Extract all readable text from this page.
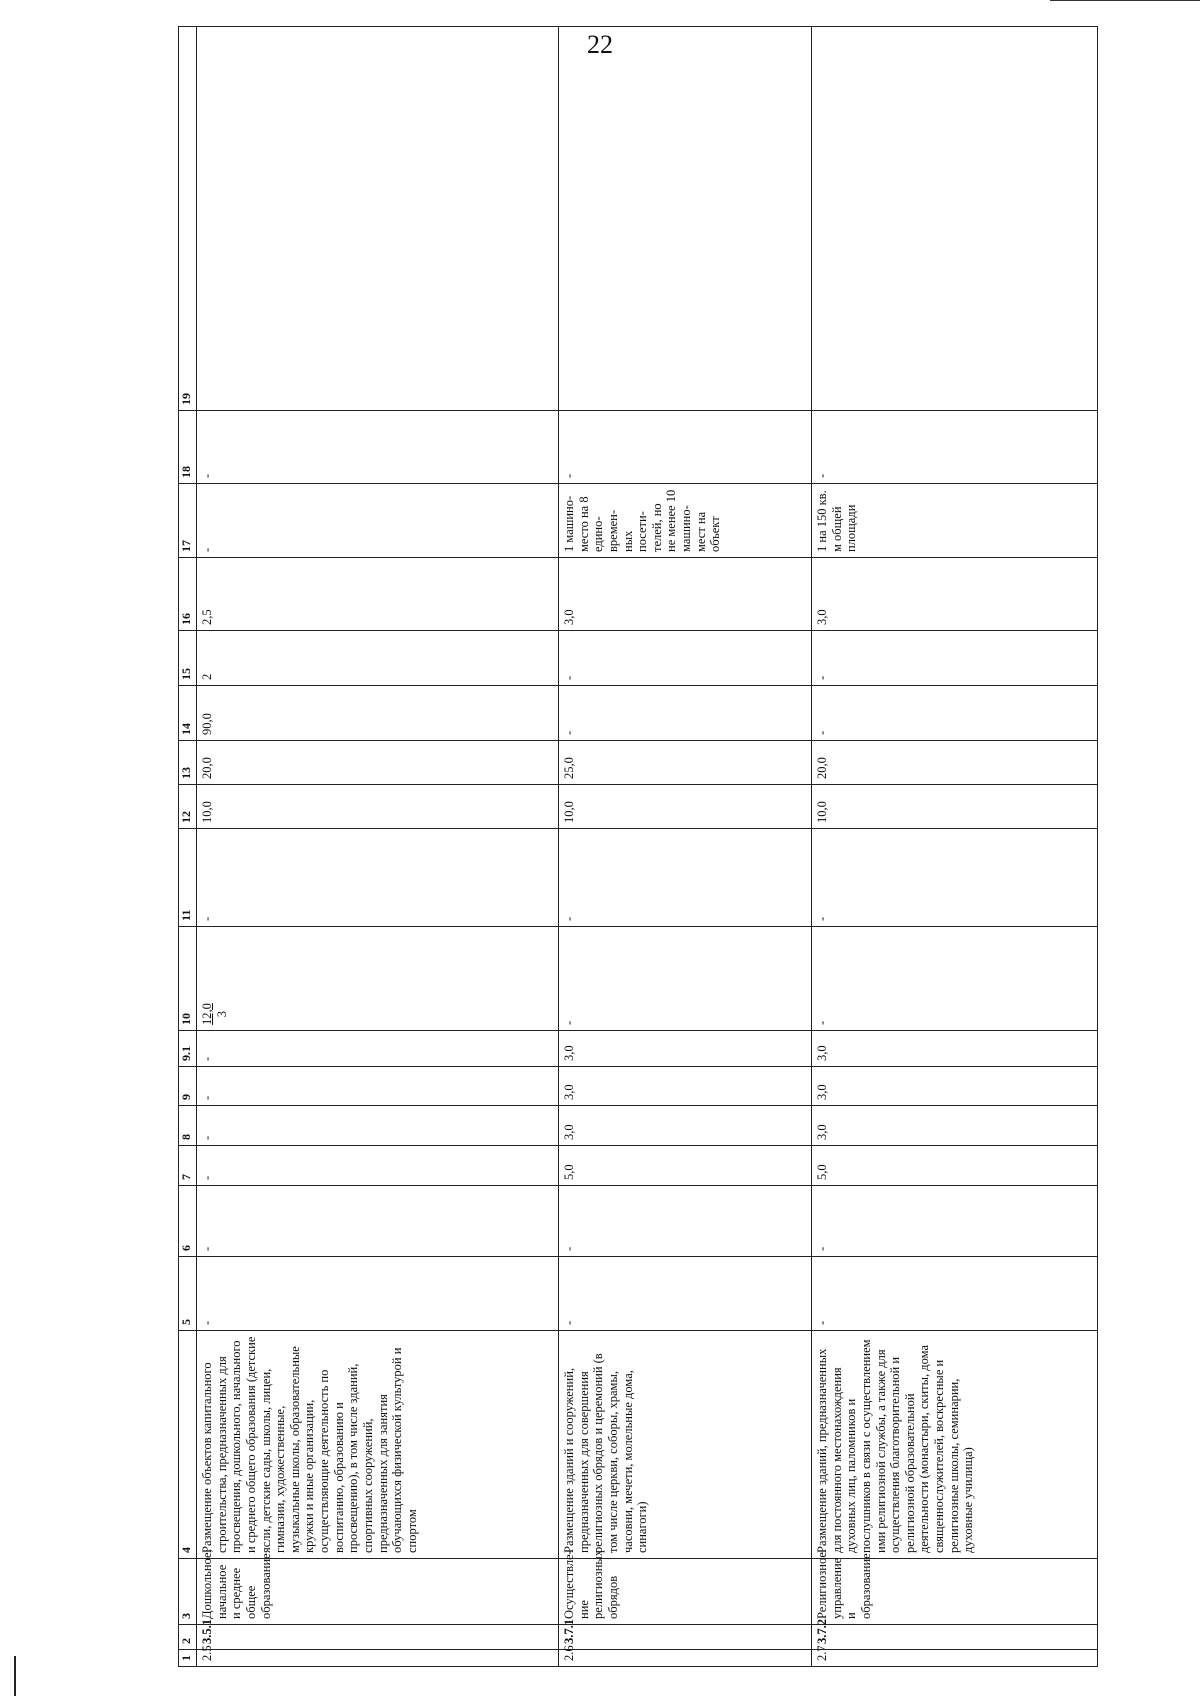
22
1	2	3	4	5	6	7	8	9	9.1	10	11	12	13	14	15	16	17	18	19
2.5	3.5.1	Дошкольное, начальное и среднее общее образование	Размещение объектов капитального строительства, предназначенных для просвещения, дошкольного, начального и среднего общего образования (детские ясли, детские сады, школы, лицеи, гимназии, художественные, музыкальные школы, образовательные кружки и иные организации, осуществляющие деятельность по воспитанию, образованию и просвещению), в том числе зданий, спортивных сооружений, предназначенных для занятия обучающихся физической культурой и спортом	-	-	-	-	-	-	12,0 3	-	10,0	20,0	90,0	2	2,5	-	-	
2.6	3.7.1	Осуществле-ние религиозных обрядов	Размещение зданий и сооружений, предназначенных для совершения религиозных обрядов и церемоний (в том числе церкви, соборы, храмы, часовни, мечети, молельные дома, синагоги)	-	-	5,0	3,0	3,0	3,0	-	-	10,0	25,0	-	-	3,0	1 машино-место на 8 едино-времен-ных посети-телей, но не менее 10 машино-мест на объект	-	
2.7	3.7.2	Религиозное управление и образование	Размещение зданий, предназначенных для постоянного местонахождения духовных лиц, паломников и послушников в связи с осуществлением ими религиозной службы, а также для осуществления благотворительной и религиозной образовательной деятельности (монастыри, скиты, дома священнослужителей, воскресные и религиозные школы, семинарии, духовные училища)	-	-	5,0	3,0	3,0	3,0	-	-	10,0	20,0	-	-	3,0	1 на 150 кв. м общей площади	-	
